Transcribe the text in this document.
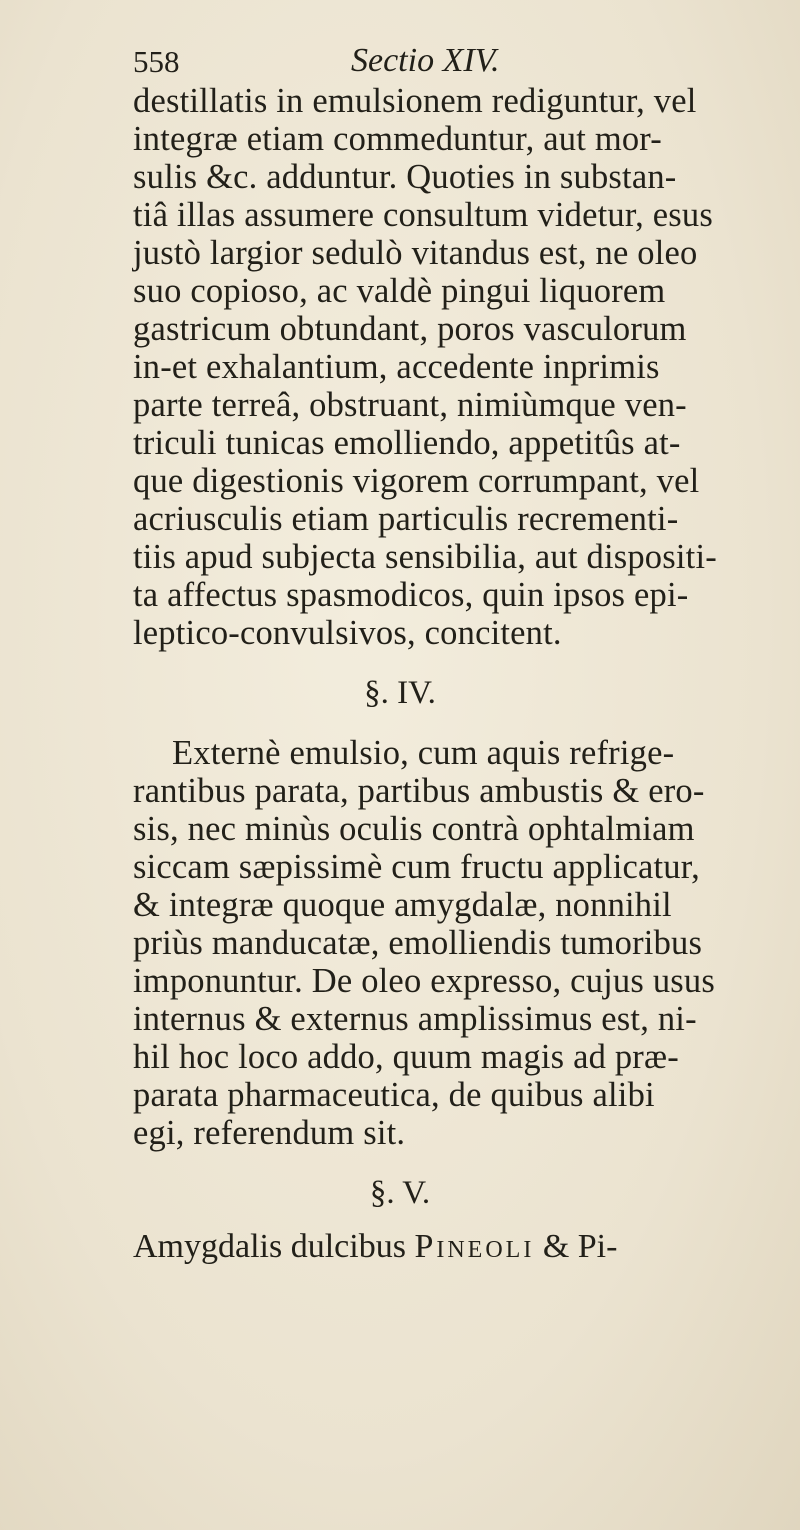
558	Sectio XIV.
destillatis in emulsionem rediguntur, vel
integræ etiam commeduntur, aut mor-
sulis &c. adduntur. Quoties in substan-
tiâ illas assumere consultum videtur, esus
justò largior sedulò vitandus est, ne oleo
suo copioso, ac valdè pingui liquorem
gastricum obtundant, poros vasculorum
in-et exhalantium, accedente inprimis
parte terreâ, obstruant, nimiùmque ven-
triculi tunicas emolliendo, appetitûs at-
que digestionis vigorem corrumpant, vel
acriusculis etiam particulis recrementi-
tiis apud subjecta sensibilia, aut dispositi-
ta affectus spasmodicos, quin ipsos epi-
leptico-convulsivos, concitent.
§. IV.
Externè emulsio, cum aquis refrige-
rantibus parata, partibus ambustis & ero-
sis, nec minùs oculis contrà ophtalmiam
siccam sæpissimè cum fructu applicatur,
& integræ quoque amygdalæ, nonnihil
priùs manducatæ, emolliendis tumoribus
imponuntur. De oleo expresso, cujus usus
internus & externus amplissimus est, ni-
hil hoc loco addo, quum magis ad præ-
parata pharmaceutica, de quibus alibi
egi, referendum sit.
§. V.
Amygdalis dulcibus Pineoli & Pi-
